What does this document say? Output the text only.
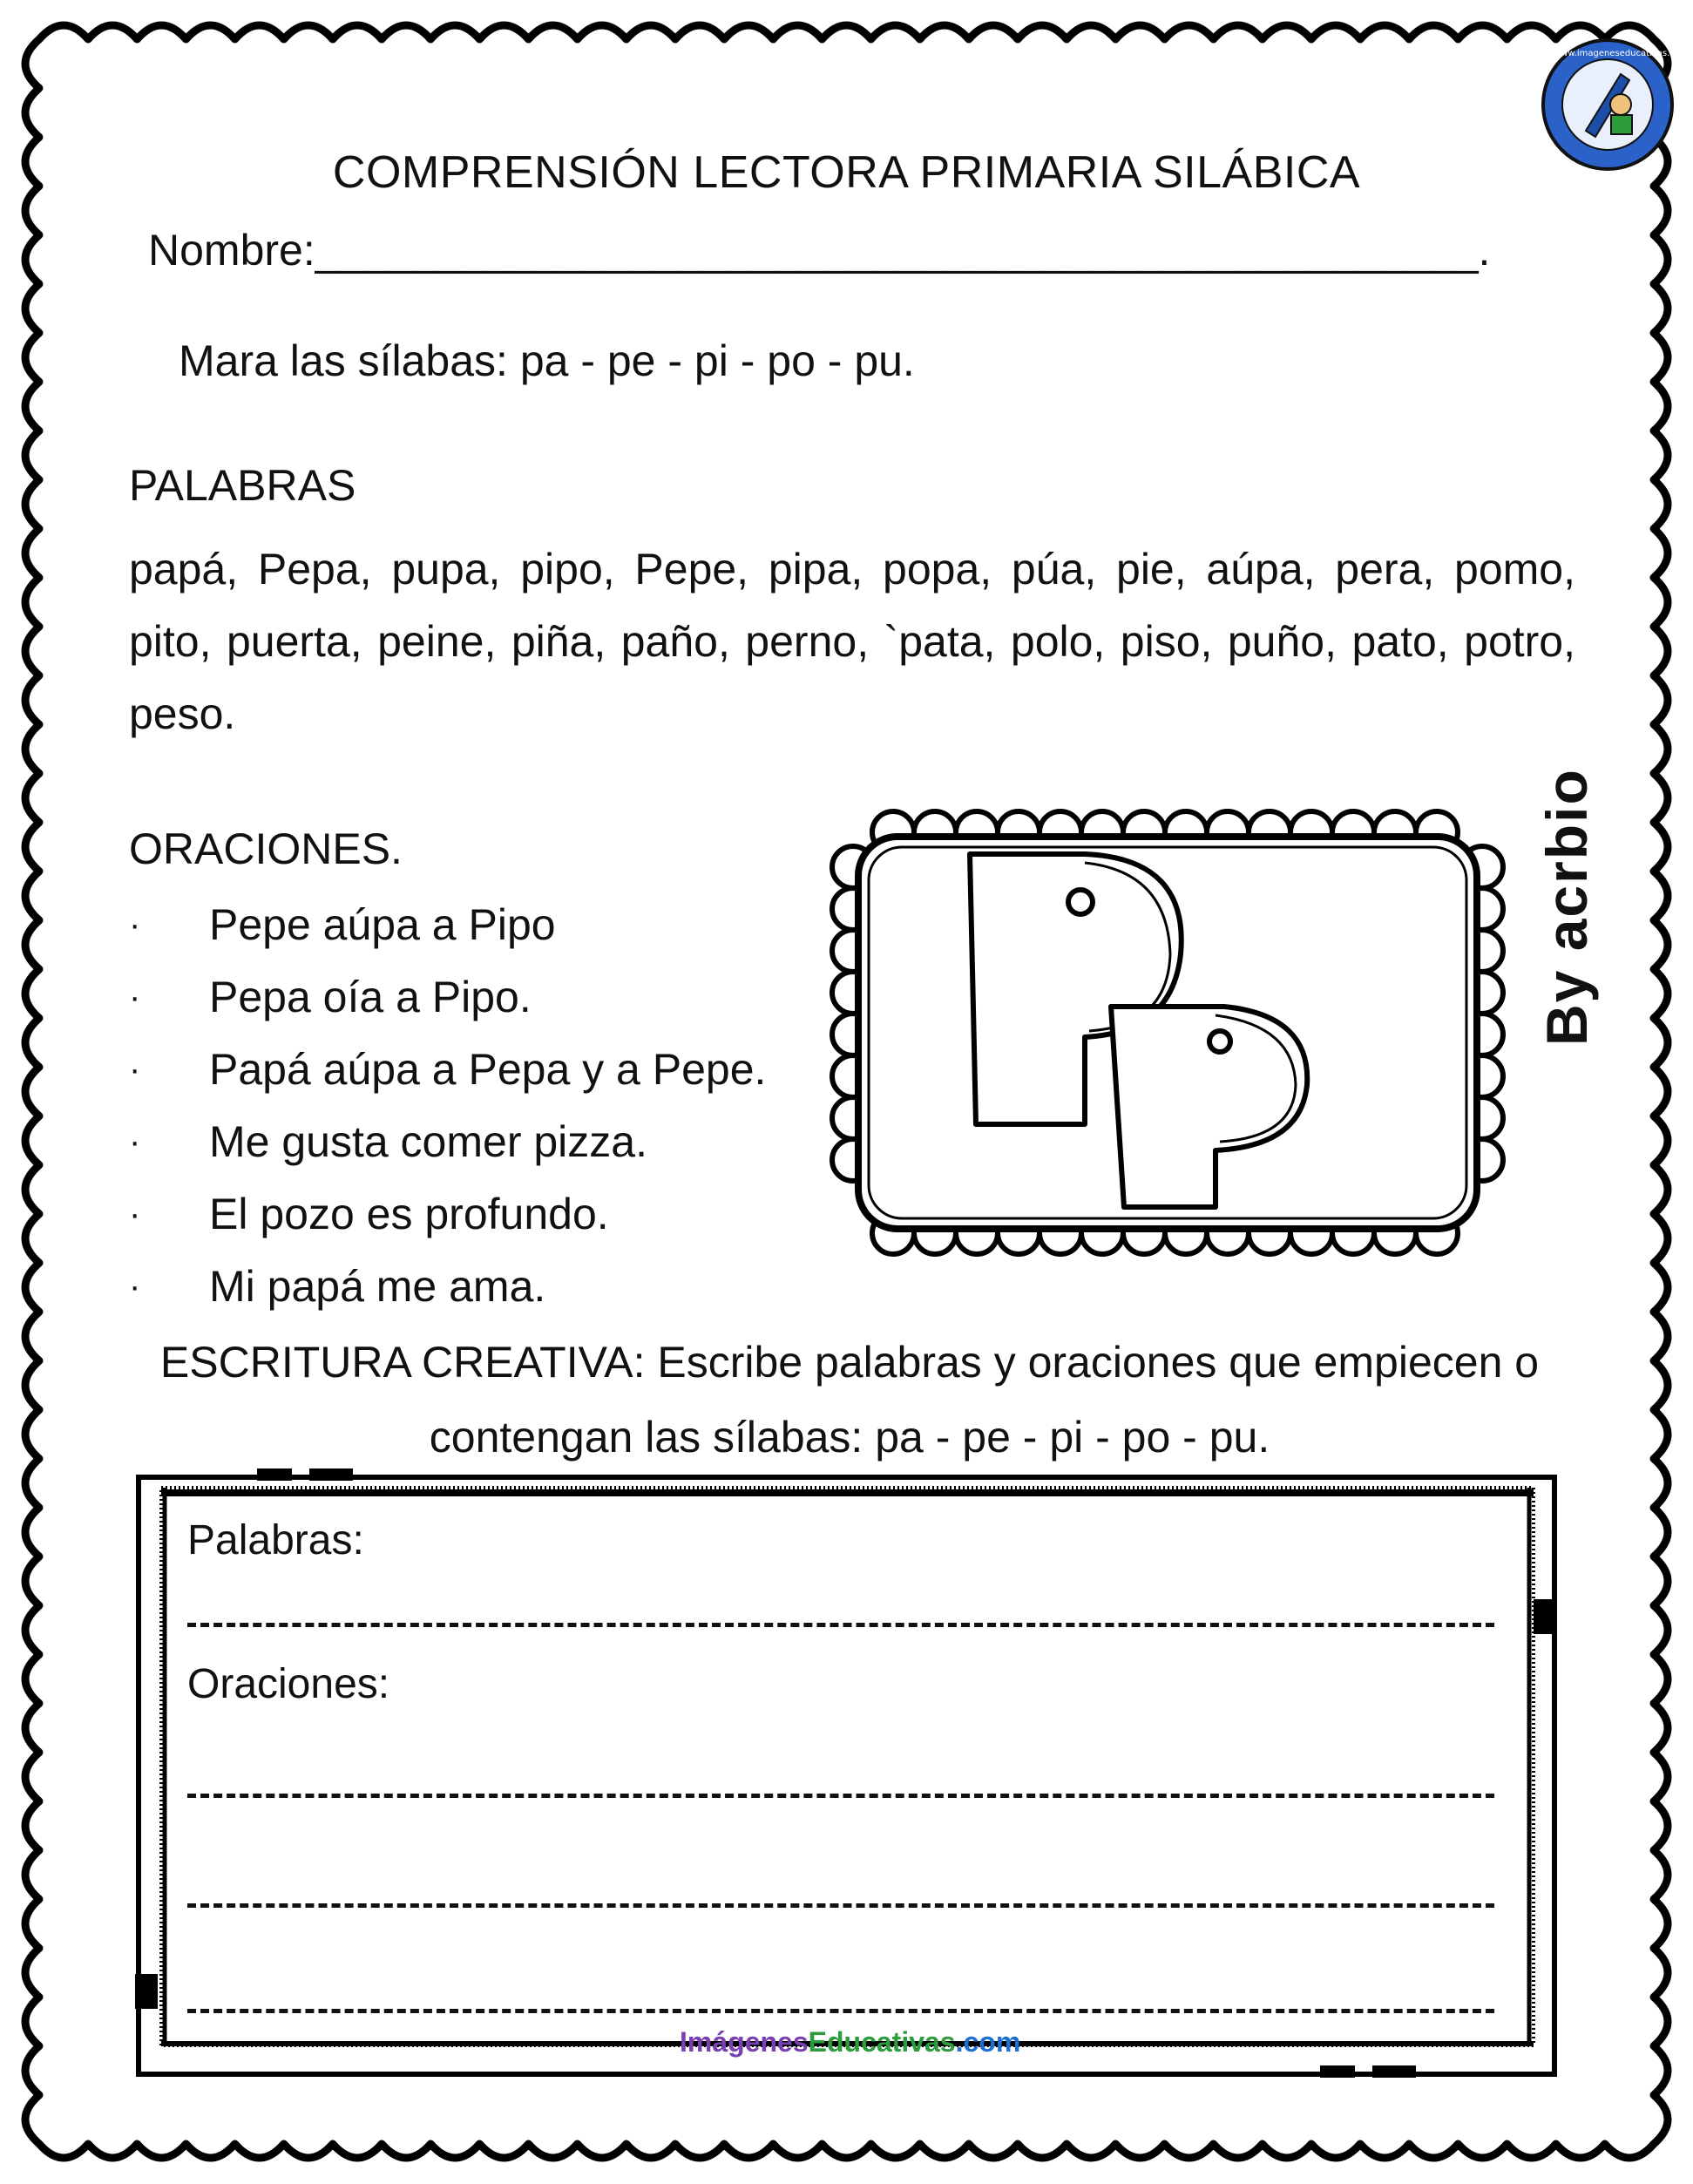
http://www.imageneseducativas.com
COMPRENSIÓN LECTORA PRIMARIA SILÁBICA
Nombre:________________________________________________.
Mara las sílabas: pa - pe - pi - po - pu.
PALABRAS
papá, Pepa, pupa, pipo, Pepe, pipa, popa, púa, pie, aúpa, pera, pomo, pito, puerta, peine, piña, paño, perno, `pata, polo, piso, puño, pato, potro, peso.
ORACIONES.
· Pepe aúpa a Pipo
· Pepa oía a Pipo.
· Papá aúpa a Pepa y a Pepe.
· Me gusta comer pizza.
· El pozo es profundo.
· Mi papá me ama.
By acrbio
ESCRITURA CREATIVA: Escribe palabras y oraciones que empiecen o contengan las sílabas: pa - pe - pi - po - pu.
Palabras:
Oraciones:
ImágenesEducativas.com
